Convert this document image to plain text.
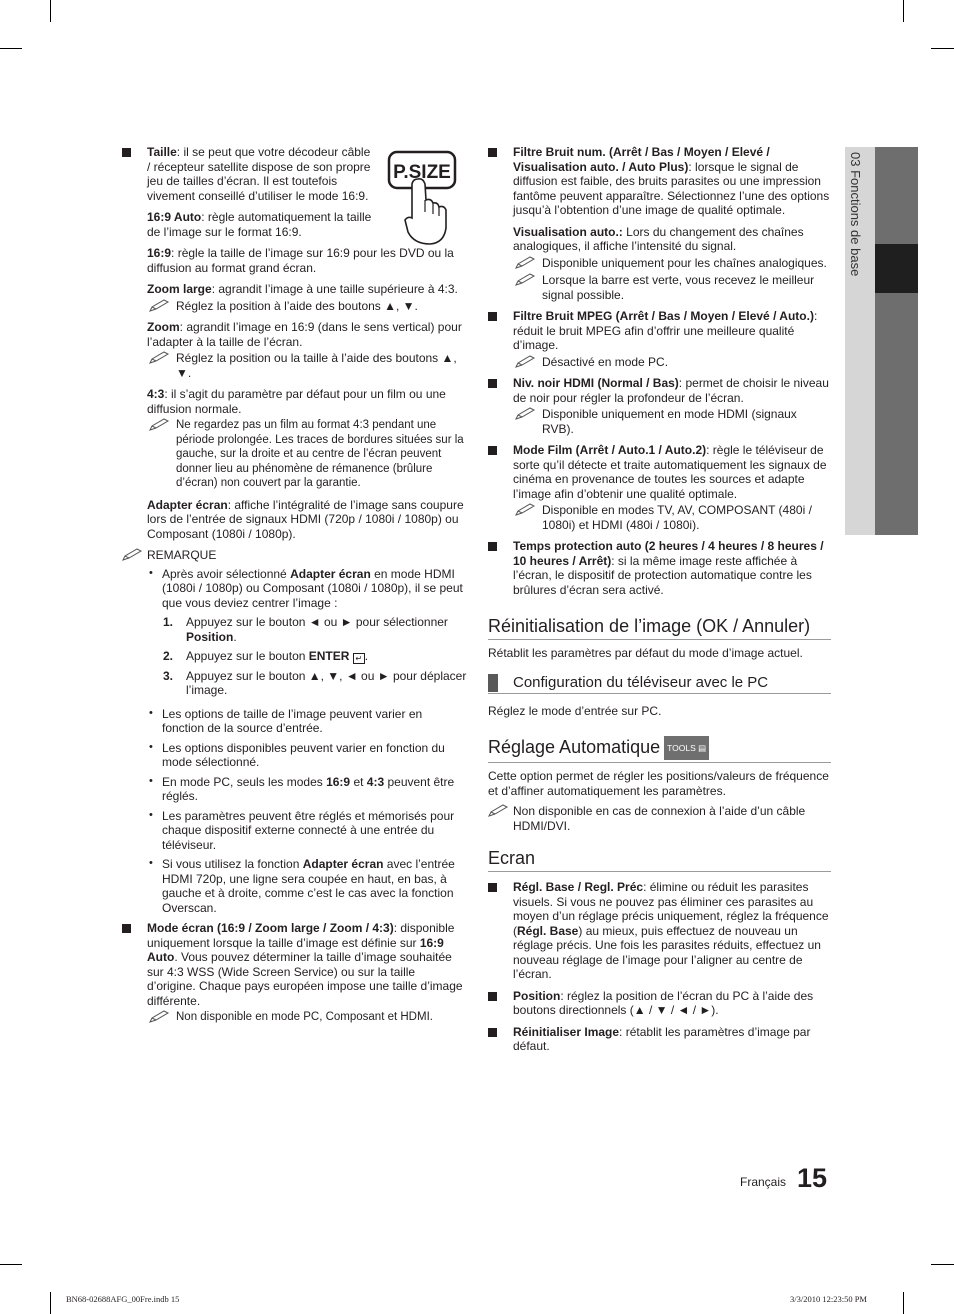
03 Fonctions de base
P.SIZE
Taille: il se peut que votre décodeur câble / récepteur satellite dispose de son propre jeu de tailles d’écran. Il est toutefois vivement conseillé d’utiliser le mode 16:9.
16:9 Auto: règle automatiquement la taille de l’image sur le format 16:9.
16:9: règle la taille de l’image sur 16:9 pour les DVD ou la diffusion au format grand écran.
Zoom large: agrandit l’image à une taille supérieure à 4:3.
Réglez la position à l’aide des boutons ▲, ▼.
Zoom: agrandit l’image en 16:9 (dans le sens vertical) pour l’adapter à la taille de l’écran.
Réglez la position ou la taille à l’aide des boutons ▲, ▼.
4:3: il s’agit du paramètre par défaut pour un film ou une diffusion normale.
Ne regardez pas un film au format 4:3 pendant une période prolongée. Les traces de bordures situées sur la gauche, sur la droite et au centre de l’écran peuvent donner lieu au phénomène de rémanence (brûlure d’écran) non couvert par la garantie.
Adapter écran: affiche l’intégralité de l’image sans coupure lors de l’entrée de signaux HDMI (720p / 1080i / 1080p) ou Composant (1080i / 1080p).
REMARQUE
• Après avoir sélectionné Adapter écran en mode HDMI (1080i / 1080p) ou Composant (1080i / 1080p), il se peut que vous deviez centrer l’image :
1. Appuyez sur le bouton ◄ ou ► pour sélectionner Position.
2. Appuyez sur le bouton ENTER ↵ .
3. Appuyez sur le bouton ▲, ▼, ◄ ou ► pour déplacer l’image.
• Les options de taille de l’image peuvent varier en fonction de la source d’entrée.
• Les options disponibles peuvent varier en fonction du mode sélectionné.
• En mode PC, seuls les modes 16:9 et 4:3 peuvent être réglés.
• Les paramètres peuvent être réglés et mémorisés pour chaque dispositif externe connecté à une entrée du téléviseur.
• Si vous utilisez la fonction Adapter écran avec l’entrée HDMI 720p, une ligne sera coupée en haut, en bas, à gauche et à droite, comme c’est le cas avec la fonction Overscan.
Mode écran (16:9 / Zoom large / Zoom / 4:3): disponible uniquement lorsque la taille d’image est définie sur 16:9 Auto. Vous pouvez déterminer la taille d’image souhaitée sur 4:3 WSS (Wide Screen Service) ou sur la taille d’origine. Chaque pays européen impose une taille d’image différente.
Non disponible en mode PC, Composant et HDMI.
Filtre Bruit num. (Arrêt / Bas / Moyen / Elevé / Visualisation auto. / Auto Plus): lorsque le signal de diffusion est faible, des bruits parasites ou une impression fantôme peuvent apparaître. Sélectionnez l’une des options jusqu’à l’obtention d’une image de qualité optimale.
Visualisation auto.: Lors du changement des chaînes analogiques, il affiche l’intensité du signal.
Disponible uniquement pour les chaînes analogiques.
Lorsque la barre est verte, vous recevez le meilleur signal possible.
Filtre Bruit MPEG (Arrêt / Bas / Moyen / Elevé / Auto.): réduit le bruit MPEG afin d’offrir une meilleure qualité d’image.
Désactivé en mode PC.
Niv. noir HDMI (Normal / Bas): permet de choisir le niveau de noir pour régler la profondeur de l’écran.
Disponible uniquement en mode HDMI (signaux RVB).
Mode Film (Arrêt / Auto.1 / Auto.2): règle le téléviseur de sorte qu’il détecte et traite automatiquement les signaux de cinéma en provenance de toutes les sources et adapte l’image afin d’obtenir une qualité optimale.
Disponible en modes TV, AV, COMPOSANT (480i / 1080i) et HDMI (480i / 1080i).
Temps protection auto (2 heures / 4 heures / 8 heures / 10 heures / Arrêt): si la même image reste affichée à l’écran, le dispositif de protection automatique contre les brûlures d’écran sera activé.
Réinitialisation de l’image (OK / Annuler)

Rétablit les paramètres par défaut du mode d’image actuel.

Configuration du téléviseur avec le PC

Réglez le mode d’entrée sur PC.

Réglage Automatique TOOLS ▤

Cette option permet de régler les positions/valeurs de fréquence et d’affiner automatiquement les paramètres.

Non disponible en cas de connexion à l’aide d’un câble HDMI/DVI.
Ecran
Régl. Base / Regl. Préc: élimine ou réduit les parasites visuels. Si vous ne pouvez pas éliminer ces parasites au moyen d’un réglage précis uniquement, réglez la fréquence (Régl. Base) au mieux, puis effectuez de nouveau un réglage précis. Une fois les parasites réduits, effectuez un nouveau réglage de l’image pour l’aligner au centre de l’écran.
Position: réglez la position de l’écran du PC à l’aide des boutons directionnels (▲ / ▼ / ◄ / ►).
Réinitialiser Image: rétablit les paramètres d’image par défaut.
Français 15
BN68-02688AFG_00Fre.indb 15	3/3/2010 12:23:50 PM
